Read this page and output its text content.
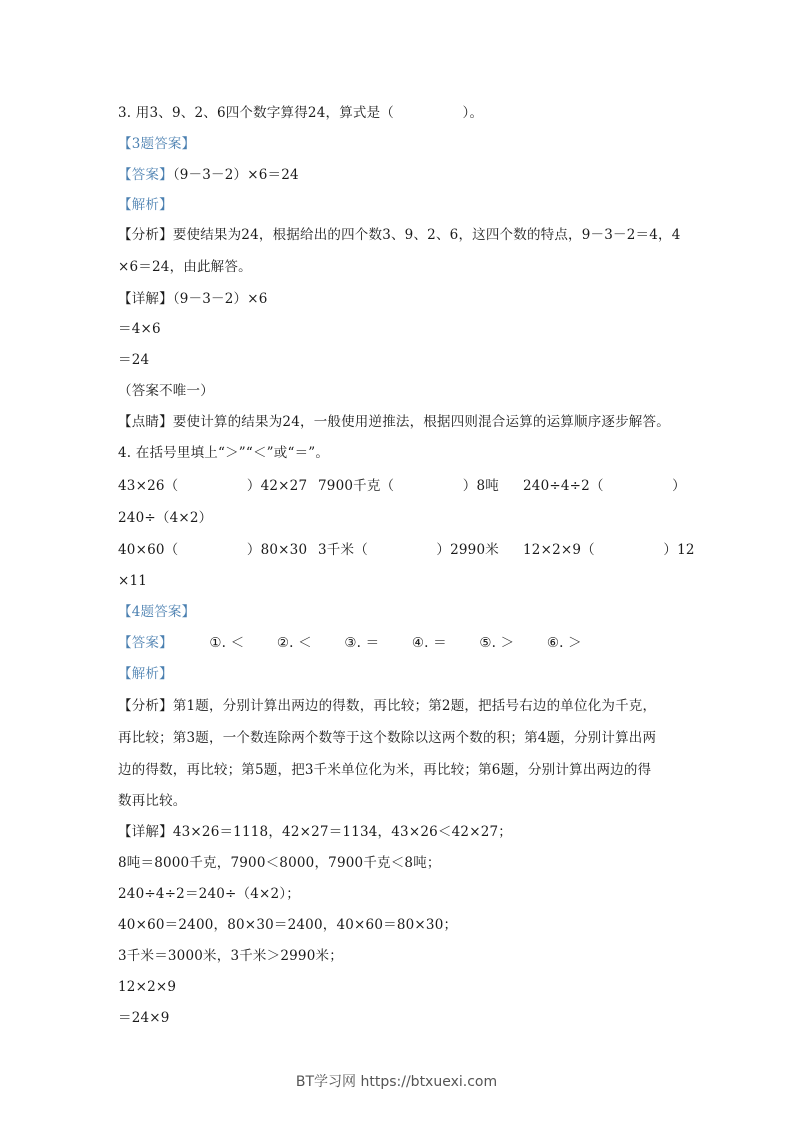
3. 用3、9、2、6四个数字算得24，算式是（　　　　　）。
【3题答案】
【答案】（9－3－2）×6＝24
【解析】
【分析】要使结果为24，根据给出的四个数3、9、2、6，这四个数的特点，9－3－2＝4，4
×6＝24，由此解答。
【详解】（9－3－2）×6
＝4×6
＝24
（答案不唯一）
【点睛】要使计算的结果为24，一般使用逆推法，根据四则混合运算的运算顺序逐步解答。
4. 在括号里填上“＞”“＜”或“＝”。
43×26（　　　　　）42×27 7900千克（　　　　　）8吨 240÷4÷2（　　　　　）
240÷（4×2）
40×60（　　　　　）80×30 3千米（　　　　　）2990米 12×2×9（　　　　　）12
×11
【4题答案】
【答案】	①. ＜ ②. ＜ ③. ＝ ④. ＝ ⑤. ＞ ⑥. ＞
【解析】
【分析】第1题，分别计算出两边的得数，再比较；第2题，把括号右边的单位化为千克，
再比较；第3题，一个数连除两个数等于这个数除以这两个数的积；第4题，分别计算出两
边的得数，再比较；第5题，把3千米单位化为米，再比较；第6题，分别计算出两边的得
数再比较。
【详解】43×26＝1118，42×27＝1134，43×26＜42×27；
8吨＝8000千克，7900＜8000，7900千克＜8吨；
240÷4÷2＝240÷（4×2）；
40×60＝2400，80×30＝2400，40×60＝80×30；
3千米＝3000米，3千米＞2990米；
12×2×9
＝24×9
BT学习网 https://btxuexi.com
